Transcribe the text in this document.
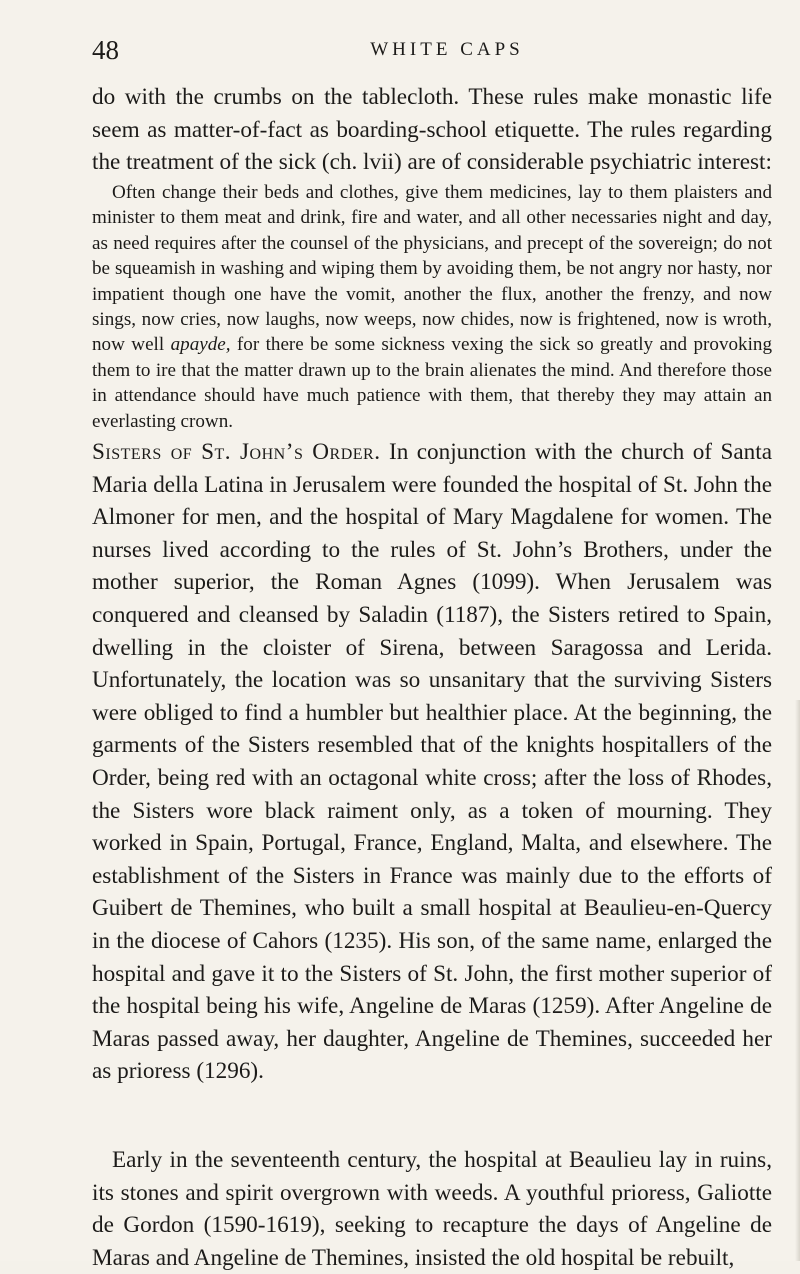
48	WHITE CAPS

do with the crumbs on the tablecloth. These rules make monastic life seem as matter-of-fact as boarding-school etiquette. The rules regarding the treatment of the sick (ch. lvii) are of considerable psychiatric interest:

Often change their beds and clothes, give them medicines, lay to them plaisters and minister to them meat and drink, fire and water, and all other necessaries night and day, as need requires after the counsel of the physicians, and precept of the sovereign; do not be squeamish in washing and wiping them by avoiding them, be not angry nor hasty, nor impatient though one have the vomit, another the flux, another the frenzy, and now sings, now cries, now laughs, now weeps, now chides, now is frightened, now is wroth, now well apayde, for there be some sickness vexing the sick so greatly and provoking them to ire that the matter drawn up to the brain alienates the mind. And therefore those in attendance should have much patience with them, that thereby they may attain an everlasting crown.

Sisters of St. John’s Order. In conjunction with the church of Santa Maria della Latina in Jerusalem were founded the hospital of St. John the Almoner for men, and the hospital of Mary Magdalene for women. The nurses lived according to the rules of St. John’s Brothers, under the mother superior, the Roman Agnes (1099). When Jerusalem was conquered and cleansed by Saladin (1187), the Sisters retired to Spain, dwelling in the cloister of Sirena, between Saragossa and Lerida. Unfortunately, the location was so unsanitary that the surviving Sisters were obliged to find a humbler but healthier place. At the beginning, the garments of the Sisters resembled that of the knights hospitallers of the Order, being red with an octagonal white cross; after the loss of Rhodes, the Sisters wore black raiment only, as a token of mourning. They worked in Spain, Portugal, France, England, Malta, and elsewhere. The establishment of the Sisters in France was mainly due to the efforts of Guibert de Themines, who built a small hospital at Beaulieu-en-Quercy in the diocese of Cahors (1235). His son, of the same name, enlarged the hospital and gave it to the Sisters of St. John, the first mother superior of the hospital being his wife, Angeline de Maras (1259). After Angeline de Maras passed away, her daughter, Angeline de Themines, succeeded her as prioress (1296).

Early in the seventeenth century, the hospital at Beaulieu lay in ruins, its stones and spirit overgrown with weeds. A youthful prioress, Galiotte de Gordon (1590-1619), seeking to recapture the days of Angeline de Maras and Angeline de Themines, insisted the old hospital be rebuilt,
